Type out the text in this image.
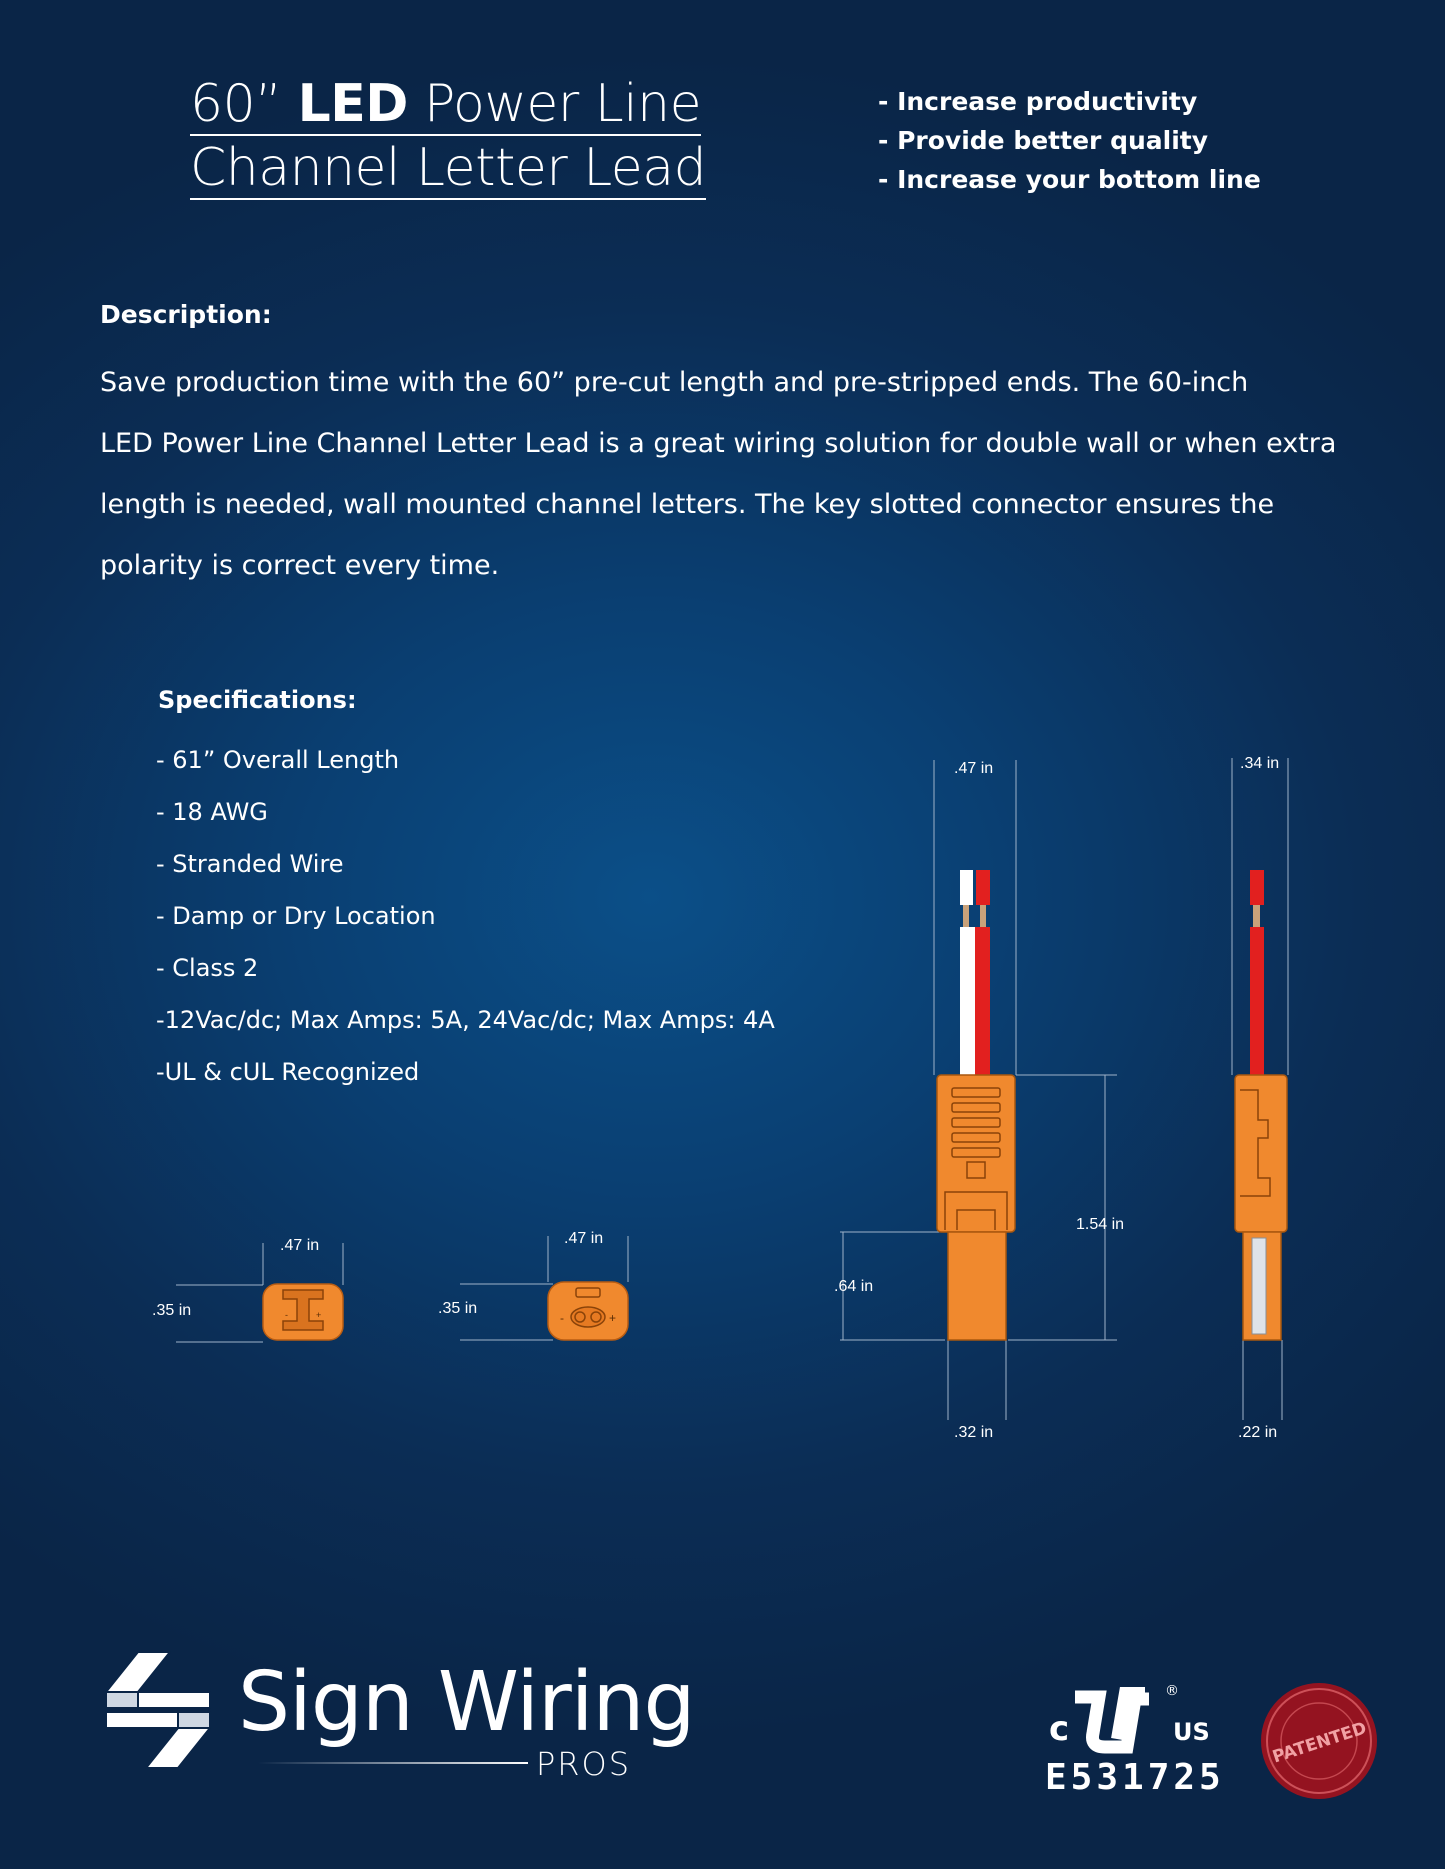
60” LED Power Line
Channel Letter Lead
- Increase productivity
- Provide better quality
- Increase your bottom line
Description:
Save production time with the 60” pre-cut length and pre-stripped ends. The 60-inch
LED Power Line Channel Letter Lead is a great wiring solution for double wall or when extra
length is needed, wall mounted channel letters. The key slotted connector ensures the
polarity is correct every time.
Specifications:
- 61” Overall Length
- 18 AWG
- Stranded Wire
- Damp or Dry Location
- Class 2
-12Vac/dc; Max Amps: 5A, 24Vac/dc; Max Amps: 4A
-UL & cUL Recognized
-	+	-	+
.47 in
.35 in
.47 in
.35 in
.47 in
1.54 in
.64 in
.32 in
.34 in
.22 in
Sign Wiring
PROS
c
®
US
E531725
PATENTED
